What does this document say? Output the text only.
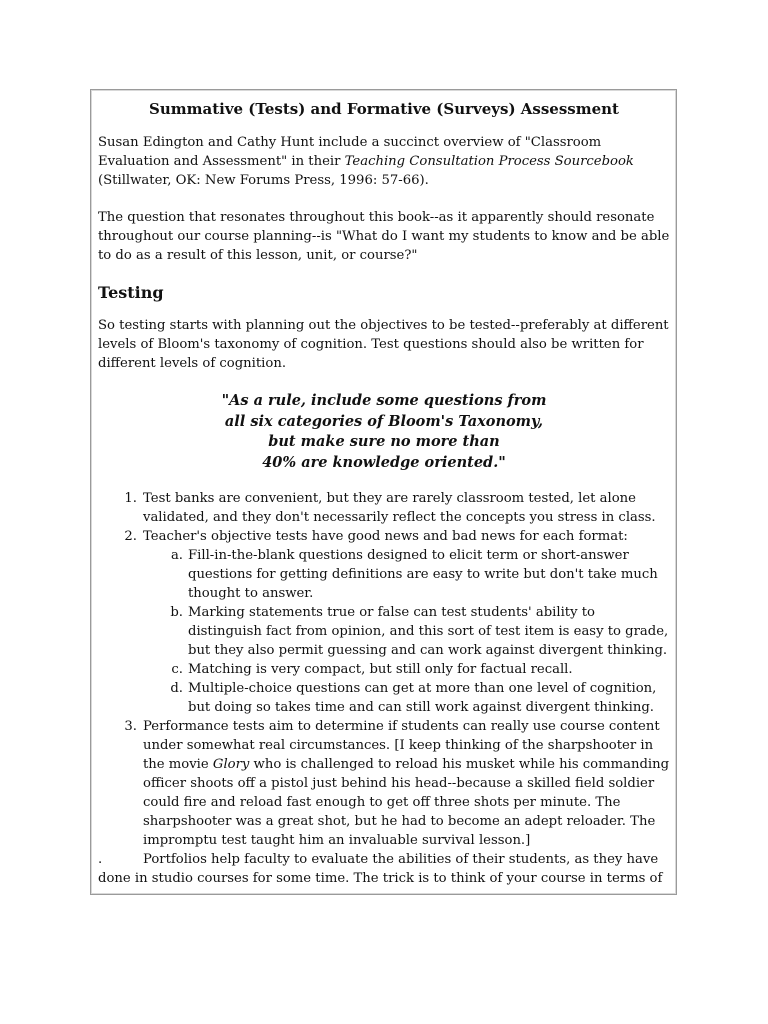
Summative (Tests) and Formative (Surveys) Assessment

Susan Edington and Cathy Hunt include a succinct overview of "Classroom Evaluation and Assessment" in their Teaching Consultation Process Sourcebook (Stillwater, OK: New Forums Press, 1996: 57-66).

The question that resonates throughout this book--as it apparently should resonate throughout our course planning--is "What do I want my students to know and be able to do as a result of this lesson, unit, or course?"

Testing

So testing starts with planning out the objectives to be tested--preferably at different levels of Bloom's taxonomy of cognition. Test questions should also be written for different levels of cognition.

"As a rule, include some questions from
all six categories of Bloom's Taxonomy,
but make sure no more than
40% are knowledge oriented."
1. Test banks are convenient, but they are rarely classroom tested, let alone validated, and they don't necessarily reflect the concepts you stress in class.
2. Teacher's objective tests have good news and bad news for each format:
a. Fill-in-the-blank questions designed to elicit term or short-answer questions for getting definitions are easy to write but don't take much thought to answer.
b. Marking statements true or false can test students' ability to distinguish fact from opinion, and this sort of test item is easy to grade, but they also permit guessing and can work against divergent thinking.
c. Matching is very compact, but still only for factual recall.
d. Multiple-choice questions can get at more than one level of cognition, but doing so takes time and can still work against divergent thinking.
3. Performance tests aim to determine if students can really use course content under somewhat real circumstances. [I keep thinking of the sharpshooter in the movie Glory who is challenged to reload his musket while his commanding officer shoots off a pistol just behind his head--because a skilled field soldier could fire and reload fast enough to get off three shots per minute. The sharpshooter was a great shot, but he had to become an adept reloader. The impromptu test taught him an invaluable survival lesson.]

.	Portfolios help faculty to evaluate the abilities of their students, as they have done in studio courses for some time. The trick is to think of your course in terms of
